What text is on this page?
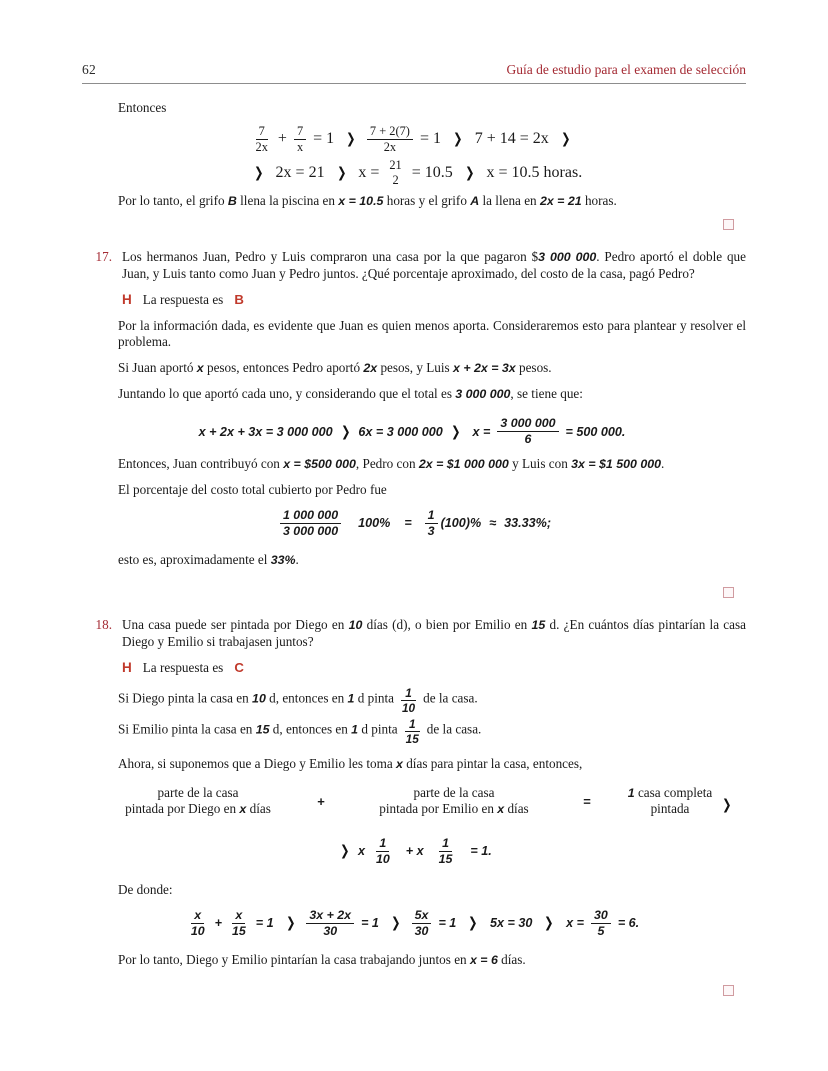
62	Guía de estudio para el examen de selección

Entonces

$\frac{7}{2x} + \frac{7}{x} = 1$ ❯ $\frac{7 + 2(7)}{2x} = 1$ ❯ 7 + 14 = 2x ❯
❯ 2x = 21 ❯ x = 21
2 = 10.5 ❯ x = 10.5 horas.

Por lo tanto, el grifo B llena la piscina en x = 10.5 horas y el grifo A la llena en 2x = 21 horas.

17. Los hermanos Juan, Pedro y Luis compraron una casa por la que pagaron $3 000 000. Pedro aportó el doble que Juan, y Luis tanto como Juan y Pedro juntos. ¿Qué porcentaje aproximado, del costo de la casa, pagó Pedro?
H La respuesta es B

Por la información dada, es evidente que Juan es quien menos aporta. Consideraremos esto para plantear y resolver el problema.

Si Juan aportó x pesos, entonces Pedro aportó 2x pesos, y Luis x + 2x = 3x pesos.

Juntando lo que aportó cada uno, y considerando que el total es 3 000 000, se tiene que:

x + 2x + 3x = 3 000 000 ❯ 6x = 3 000 000 ❯ $x = \frac{3 000 000}{6} = 500$ 000.

Entonces, Juan contribuyó con x = $500 000, Pedro con 2x = $1 000 000 y Luis con 3x = $1 500 000.

El porcentaje del costo total cubierto por Pedro fue

$\frac{1 000 000}{3 000 000}$	100%	=	$\frac{1}{3} (100)\% \approx 33.33\%$ ;

esto es, aproximadamente el 33%.

18. Una casa puede ser pintada por Diego en 10 días (d), o bien por Emilio en 15 d. ¿En cuántos días pintarían la casa Diego y Emilio si trabajasen juntos?
H La respuesta es C

Si Diego pinta la casa en 10 d, entonces en 1 d pinta $\frac{1}{10}$ de la casa.

Si Emilio pinta la casa en 15 d, entonces en 1 d pinta $\frac{1}{15}$ de la casa.

Ahora, si suponemos que a Diego y Emilio les toma x días para pintar la casa, entonces,

parte de la casa
pintada por Diego en x días	+
parte de la casa
pintada por Emilio en x días	=
1 casa completa
pintada	❯
❯ x $\frac{1}{10}$	+ x $\frac{1}{15}$	= 1.

De donde:

$\frac{x}{10} + \frac{x}{15} = 1$ ❯ $\frac{3x + 2x}{30} = 1$ ❯ $\frac{5x}{30} = 1$ ❯ 5x = 30 ❯ $x = \frac{30}{5} = 6$.

Por lo tanto, Diego y Emilio pintarían la casa trabajando juntos en x = 6 días.
